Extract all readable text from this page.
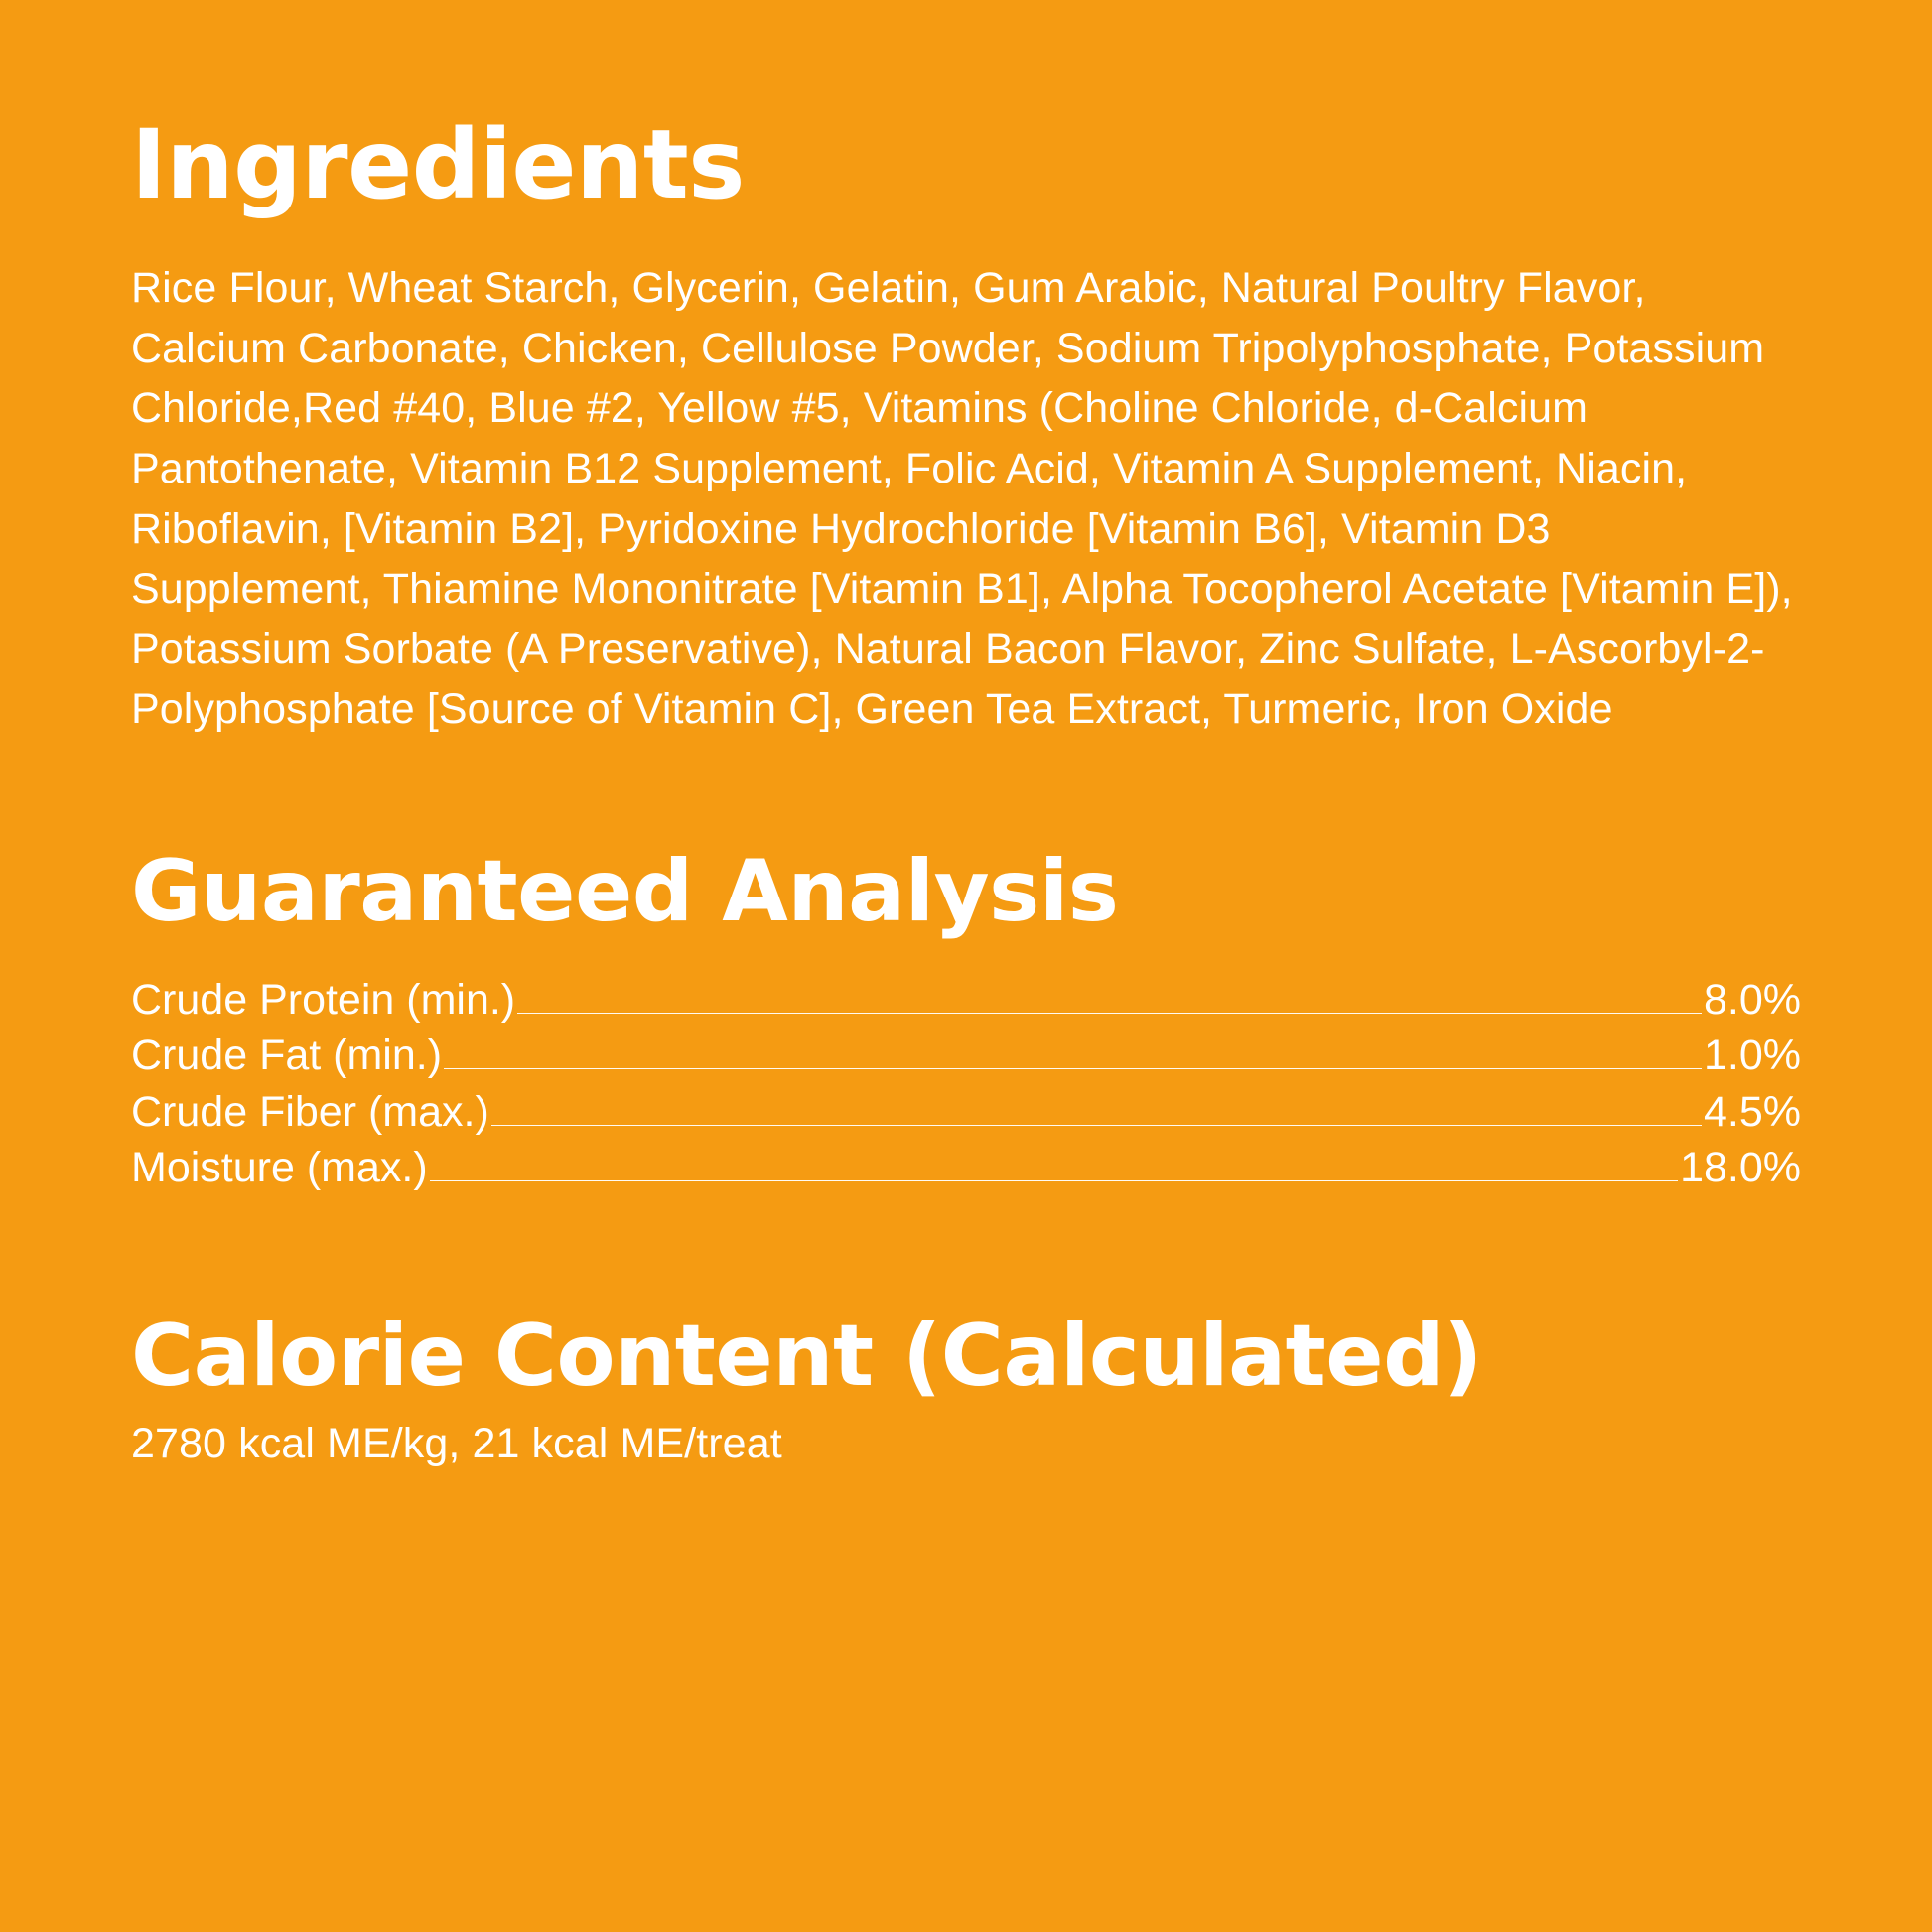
Ingredients

Rice Flour, Wheat Starch, Glycerin, Gelatin, Gum Arabic, Natural Poultry Flavor, Calcium Carbonate, Chicken, Cellulose Powder, Sodium Tripolyphosphate, Potassium Chloride,Red #40, Blue #2, Yellow #5, Vitamins (Choline Chloride, d-Calcium Pantothenate, Vitamin B12 Supplement, Folic Acid, Vitamin A Supplement, Niacin, Riboflavin, [Vitamin B2], Pyridoxine Hydrochloride [Vitamin B6], Vitamin D3 Supplement, Thiamine Mononitrate [Vitamin B1], Alpha Tocopherol Acetate [Vitamin E]), Potassium Sorbate (A Preservative), Natural Bacon Flavor, Zinc Sulfate, L-Ascorbyl-2-Polyphosphate [Source of Vitamin C], Green Tea Extract, Turmeric, Iron Oxide

Guaranteed Analysis
Crude Protein (min.)	8.0%
Crude Fat (min.)	1.0%
Crude Fiber (max.)	4.5%
Moisture (max.)	18.0%
Calorie Content (Calculated)

2780 kcal ME/kg, 21 kcal ME/treat
